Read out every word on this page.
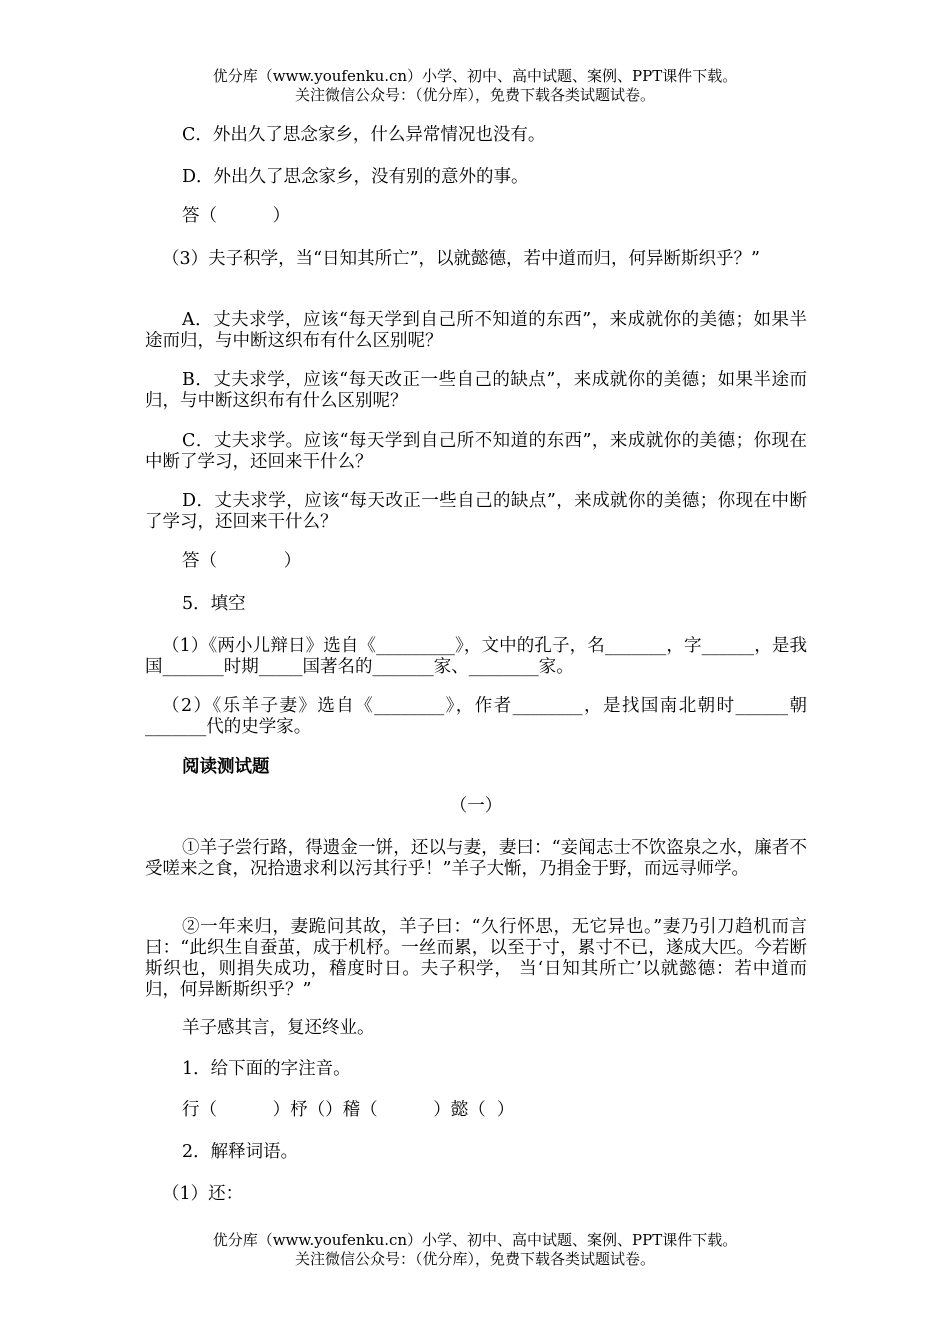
优分库（www.youfenku.cn）小学、初中、高中试题、案例、PPT课件下载。
关注微信公众号：（优分库），免费下载各类试题试卷。
C．外出久了思念家乡，什么异常情况也没有。
D．外出久了思念家乡，没有别的意外的事。
答（          ）
（3）夫子积学，当“日知其所亡”，以就懿德，若中道而归，何异断斯织乎？”
A．丈夫求学，应该“每天学到自己所不知道的东西”，来成就你的美德；如果半途而归，与中断这织布有什么区别呢？
B．丈夫求学，应该“每天改正一些自己的缺点”，来成就你的美德；如果半途而归，与中断这织布有什么区别呢？
C．丈夫求学。应该“每天学到自己所不知道的东西”，来成就你的美德；你现在中断了学习，还回来干什么？
D．丈夫求学，应该“每天改正一些自己的缺点”，来成就你的美德；你现在中断了学习，还回来干什么？
答（            ）
5．填空
（1）《两小儿辩日》选自《_________》，文中的孔子，名_______，字______，是我国_______时期_____国著名的_______家、________家。
（2）《乐羊子妻》选自《________》，作者________，是找国南北朝时______朝_______代的史学家。
阅读测试题
（一）
①羊子尝行路，得遗金一饼，还以与妻，妻曰：“妾闻志士不饮盗泉之水，廉者不受嗟来之食，况拾遗求利以污其行乎！”羊子大惭，乃捐金于野，而远寻师学。
②一年来归，妻跪问其故，羊子曰：“久行怀思，无它异也。”妻乃引刀趋机而言曰：“此织生自蚕茧，成于机杼。一丝而累，以至于寸，累寸不已，遂成大匹。今若断斯织也，则捐失成功，稽度时日。夫子积学， 当‘日知其所亡’以就懿德：若中道而归，何异断斯织乎？”
羊子感其言，复还终业。
1．给下面的字注音。
行（          ）杼（）稽（          ）懿（  ）
2．解释词语。
（1）还：
优分库（www.youfenku.cn）小学、初中、高中试题、案例、PPT课件下载。
关注微信公众号：（优分库），免费下载各类试题试卷。
